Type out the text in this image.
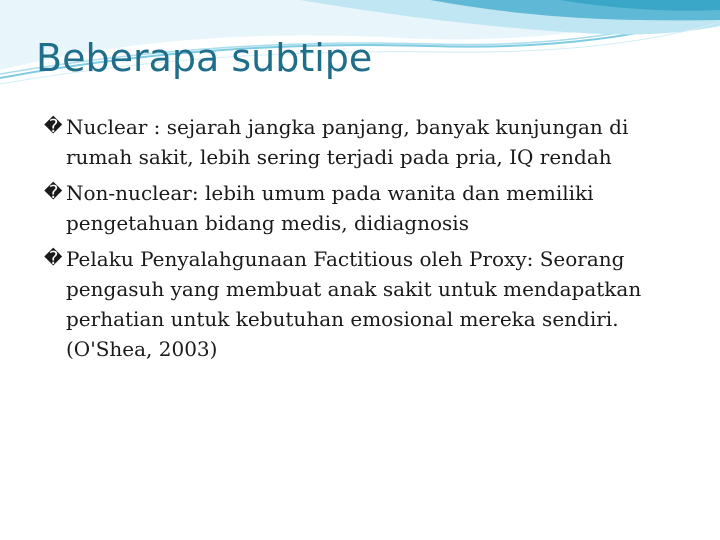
Beberapa subtipe
� Nuclear : sejarah jangka panjang, banyak kunjungan di rumah sakit, lebih sering terjadi pada pria, IQ rendah
� Non-nuclear: lebih umum pada wanita dan memiliki pengetahuan bidang medis, didiagnosis
� Pelaku Penyalahgunaan Factitious oleh Proxy: Seorang pengasuh yang membuat anak sakit untuk mendapatkan perhatian untuk kebutuhan emosional mereka sendiri. (O'Shea, 2003)
